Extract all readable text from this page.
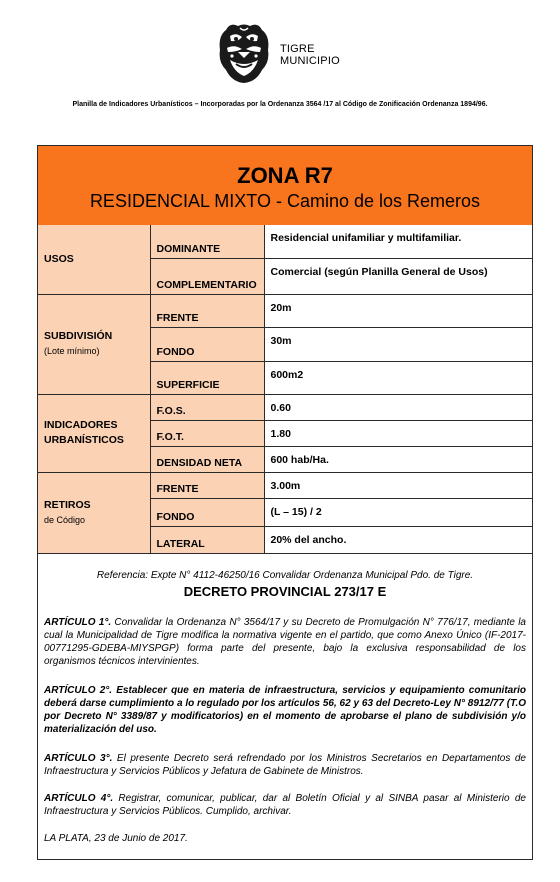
TIGRE
MUNICIPIO
Planilla de Indicadores Urbanísticos – Incorporadas por la Ordenanza 3564 /17 al Código de Zonificación Ordenanza 1894/96.
ZONA R7
RESIDENCIAL MIXTO - Camino de los Remeros
USOS	DOMINANTE	Residencial unifamiliar y multifamiliar.
	COMPLEMENTARIO	Comercial (según Planilla General de Usos)
SUBDIVISIÓN
(Lote mínimo)	FRENTE	20m
	FONDO	30m
	SUPERFICIE	600m2
INDICADORES
URBANÍSTICOS	F.O.S.	0.60
	F.O.T.	1.80
	DENSIDAD NETA	600 hab/Ha.
RETIROS
de Código	FRENTE	3.00m
	FONDO	(L – 15) / 2
	LATERAL	20% del ancho.
Referencia: Expte N° 4112-46250/16 Convalidar Ordenanza Municipal Pdo. de Tigre.
DECRETO PROVINCIAL 273/17 E
ARTÍCULO 1°. Convalidar la Ordenanza N° 3564/17 y su Decreto de Promulgación N° 776/17, mediante la cual la Municipalidad de Tigre modifica la normativa vigente en el partido, que como Anexo Único (IF-2017-00771295-GDEBA-MIYSPGP) forma parte del presente, bajo la exclusiva responsabilidad de los organismos técnicos intervinientes.
ARTÍCULO 2°. Establecer que en materia de infraestructura, servicios y equipamiento comunitario deberá darse cumplimiento a lo regulado por los artículos 56, 62 y 63 del Decreto-Ley N° 8912/77 (T.O por Decreto N° 3389/87 y modificatorios) en el momento de aprobarse el plano de subdivisión y/o materialización del uso.
ARTÍCULO 3°. El presente Decreto será refrendado por los Ministros Secretarios en Departamentos de Infraestructura y Servicios Públicos y Jefatura de Gabinete de Ministros.
ARTÍCULO 4°. Registrar, comunicar, publicar, dar al Boletín Oficial y al SINBA pasar al Ministerio de Infraestructura y Servicios Públicos. Cumplido, archivar.
LA PLATA, 23 de Junio de 2017.
